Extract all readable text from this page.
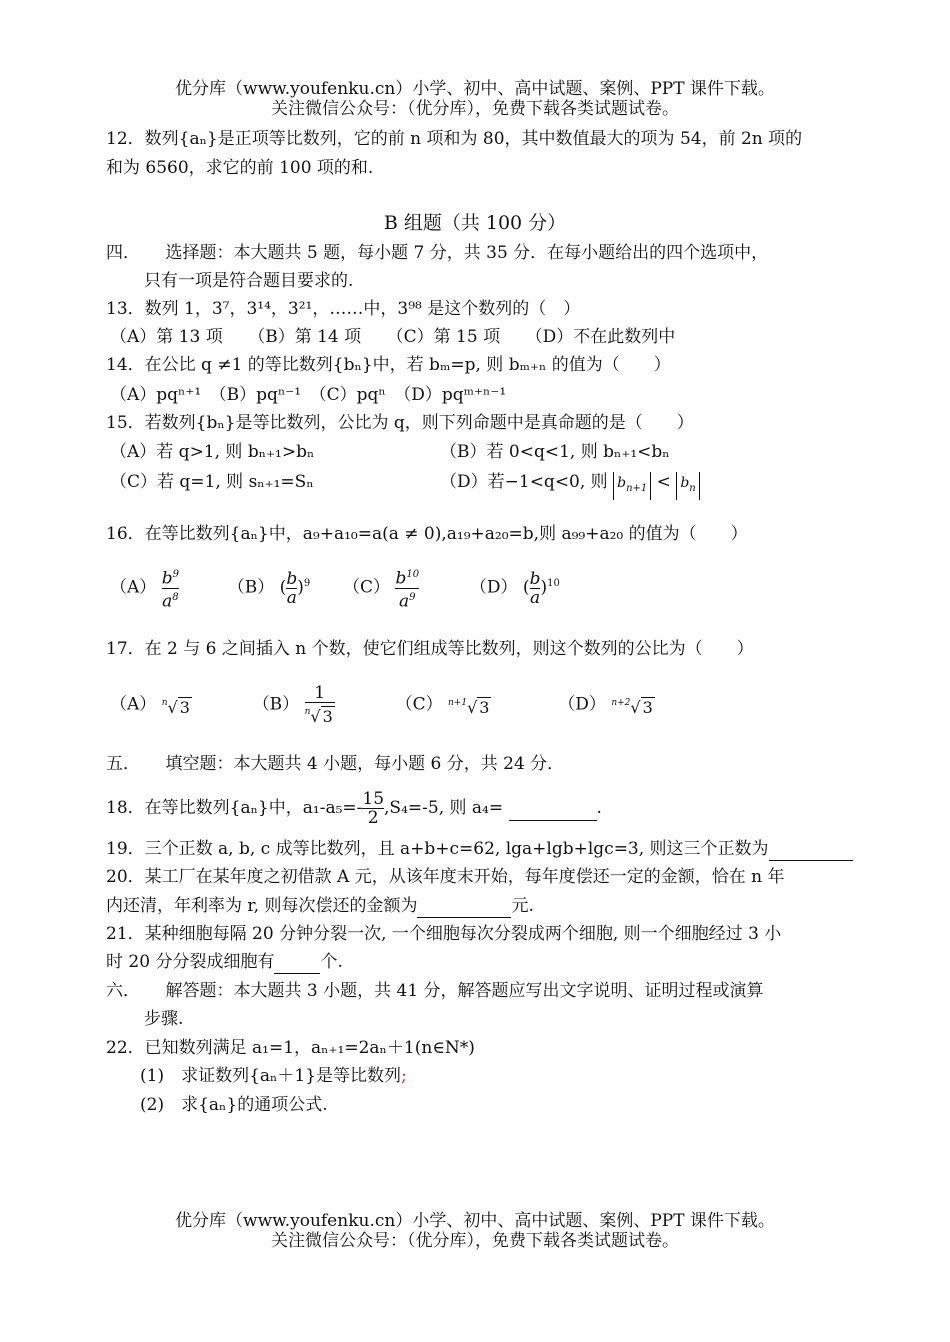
优分库（www.youfenku.cn）小学、初中、高中试题、案例、PPT 课件下载。
关注微信公众号：（优分库），免费下载各类试题试卷。
12．数列{aₙ}是正项等比数列，它的前 n 项和为 80，其中数值最大的项为 54，前 2n 项的
和为 6560，求它的前 100 项的和.
B 组题（共 100 分）
四．　　选择题：本大题共 5 题，每小题 7 分，共 35 分．在每小题给出的四个选项中，
只有一项是符合题目要求的.
13．数列 1，3⁷，3¹⁴，3²¹，……中，3⁹⁸ 是这个数列的（　）
（A）第 13 项　　（B）第 14 项　　（C）第 15 项　　（D）不在此数列中
14．在公比 q ≠1 的等比数列{bₙ}中，若 bₘ=p, 则 bₘ₊ₙ 的值为（　　）
（A）pqⁿ⁺¹　（B）pqⁿ⁻¹　（C）pqⁿ　（D）pqᵐ⁺ⁿ⁻¹
15．若数列{bₙ}是等比数列，公比为 q，则下列命题中是真命题的是（　　）
（A）若 q>1, 则 bₙ₊₁>bₙ	（B）若 0<q<1, 则 bₙ₊₁<bₙ
（C）若 q=1, 则 sₙ₊₁=Sₙ	（D）若−1<q<0, 则 $b_{n+1} < b_n$
16．在等比数列{aₙ}中，a₉+a₁₀=a(a ≠ 0),a₁₉+a₂₀=b,则 a₉₉+a₂₀ 的值为（　　）
$(A) \frac{b^9}{a^8}$	（B） ( $\frac{b}{a} )^9$ $(C) \frac{b^{10}}{a^9}$	（D） ( $\frac{b}{a} )^{10}$
17．在 2 与 6 之间插入 n 个数，使它们组成等比数列，则这个数列的公比为（　　）
（A） $^n$√ 3	$(B) \frac{1}{^n√ 3}$	（C） $^{n+1}$√ 3	（D） $^{n+2}$√ 3
五．　　填空题：本大题共 4 小题，每小题 6 分，共 24 分．
18．在等比数列{aₙ}中，$a_1-a_5=- \frac{15}{2} ,S_4=-5$, 则 a₄=	.
19．三个正数 a, b, c 成等比数列，且 a+b+c=62, lga+lgb+lgc=3, 则这三个正数为
20．某工厂在某年度之初借款 A 元，从该年度末开始，每年度偿还一定的金额，恰在 n 年
内还清，年利率为 r, 则每次偿还的金额为	元.
21．某种细胞每隔 20 分钟分裂一次, 一个细胞每次分裂成两个细胞, 则一个细胞经过 3 小
时 20 分分裂成细胞有	个.
六．　　解答题：本大题共 3 小题，共 41 分，解答题应写出文字说明、证明过程或演算
步骤.
22．已知数列满足 a₁=1，aₙ₊₁=2aₙ＋1(n∈N*)
(1)　求证数列{aₙ＋1}是等比数列;
(2)　求{aₙ}的通项公式.
优分库（www.youfenku.cn）小学、初中、高中试题、案例、PPT 课件下载。
关注微信公众号：（优分库），免费下载各类试题试卷。
